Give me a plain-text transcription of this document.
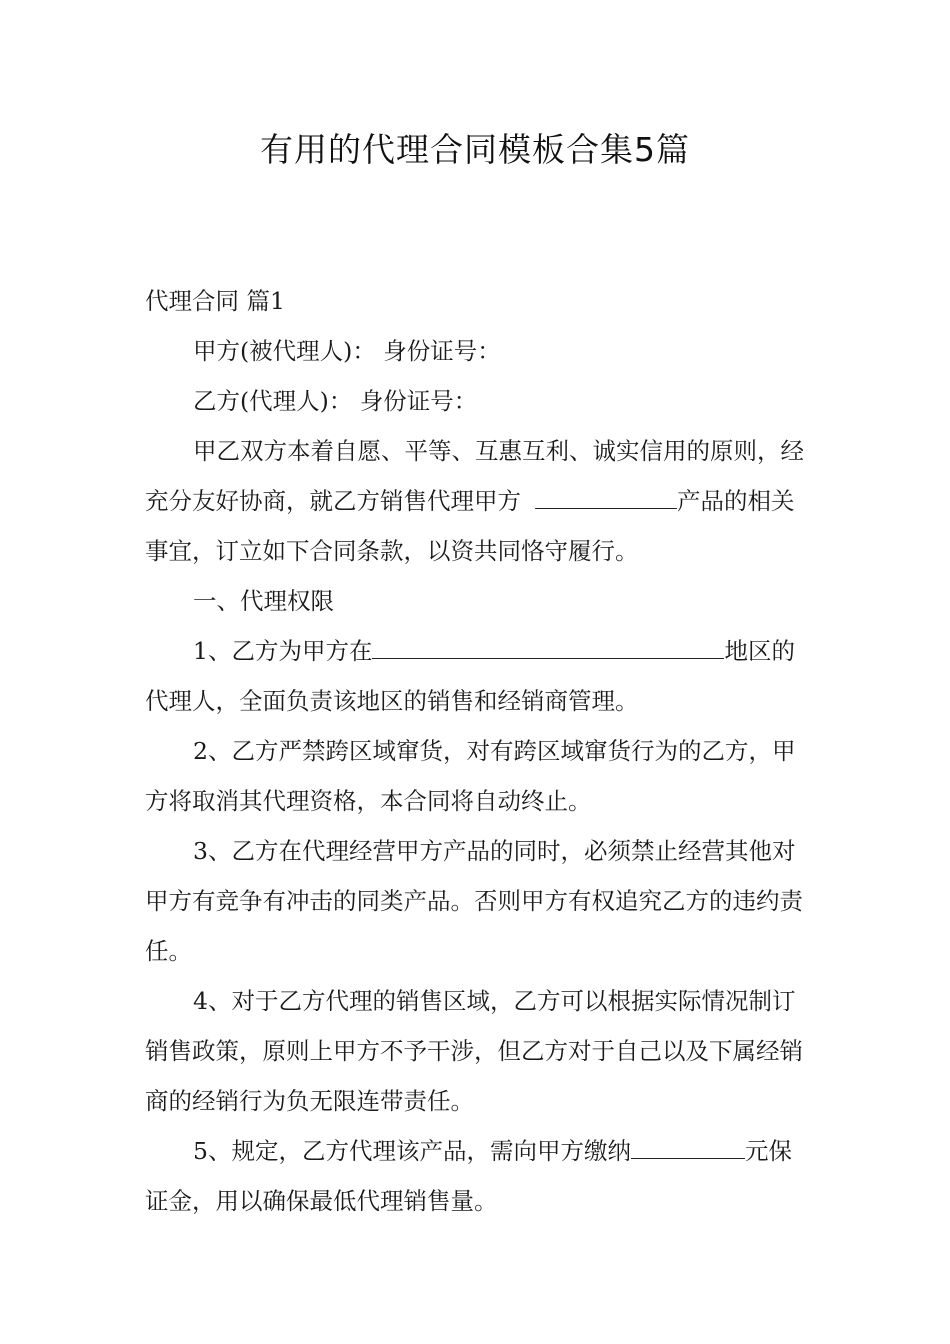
有用的代理合同模板合集5篇

代理合同 篇1

甲方(被代理人)： 身份证号：

乙方(代理人)： 身份证号：

甲乙双方本着自愿、平等、互惠互利、诚实信用的原则，经充分友好协商，就乙方销售代理甲方	产品的相关事宜，订立如下合同条款，以资共同恪守履行。

一、代理权限

1、乙方为甲方在	地区的代理人，全面负责该地区的销售和经销商管理。

2、乙方严禁跨区域窜货，对有跨区域窜货行为的乙方，甲方将取消其代理资格，本合同将自动终止。

3、乙方在代理经营甲方产品的同时，必须禁止经营其他对甲方有竞争有冲击的同类产品。否则甲方有权追究乙方的违约责任。

4、对于乙方代理的销售区域，乙方可以根据实际情况制订销售政策，原则上甲方不予干涉，但乙方对于自己以及下属经销商的经销行为负无限连带责任。

5、规定，乙方代理该产品，需向甲方缴纳	元保证金，用以确保最低代理销售量。
